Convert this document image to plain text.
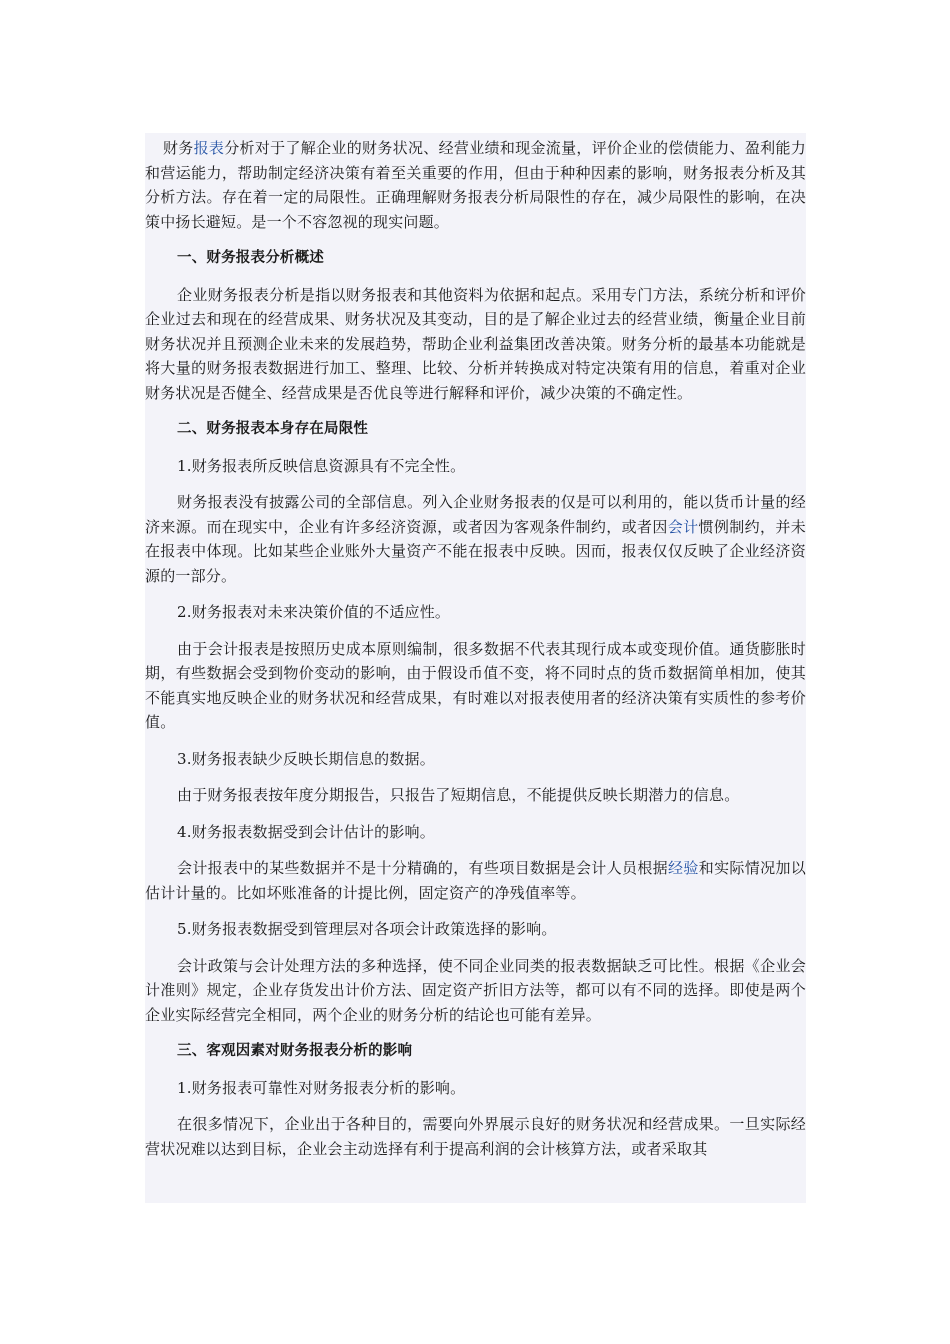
财务报表分析对于了解企业的财务状况、经营业绩和现金流量，评价企业的偿债能力、盈利能力和营运能力，帮助制定经济决策有着至关重要的作用，但由于种种因素的影响，财务报表分析及其分析方法。存在着一定的局限性。正确理解财务报表分析局限性的存在，减少局限性的影响，在决策中扬长避短。是一个不容忽视的现实问题。

一、财务报表分析概述

企业财务报表分析是指以财务报表和其他资料为依据和起点。采用专门方法，系统分析和评价企业过去和现在的经营成果、财务状况及其变动，目的是了解企业过去的经营业绩，衡量企业目前财务状况并且预测企业未来的发展趋势，帮助企业利益集团改善决策。财务分析的最基本功能就是将大量的财务报表数据进行加工、整理、比较、分析并转换成对特定决策有用的信息，着重对企业财务状况是否健全、经营成果是否优良等进行解释和评价，减少决策的不确定性。

二、财务报表本身存在局限性

1.财务报表所反映信息资源具有不完全性。

财务报表没有披露公司的全部信息。列入企业财务报表的仅是可以利用的，能以货币计量的经济来源。而在现实中，企业有许多经济资源，或者因为客观条件制约，或者因会计惯例制约，并未在报表中体现。比如某些企业账外大量资产不能在报表中反映。因而，报表仅仅反映了企业经济资源的一部分。

2.财务报表对未来决策价值的不适应性。

由于会计报表是按照历史成本原则编制，很多数据不代表其现行成本或变现价值。通货膨胀时期，有些数据会受到物价变动的影响，由于假设币值不变，将不同时点的货币数据简单相加，使其不能真实地反映企业的财务状况和经营成果，有时难以对报表使用者的经济决策有实质性的参考价值。

3.财务报表缺少反映长期信息的数据。

由于财务报表按年度分期报告，只报告了短期信息，不能提供反映长期潜力的信息。

4.财务报表数据受到会计估计的影响。

会计报表中的某些数据并不是十分精确的，有些项目数据是会计人员根据经验和实际情况加以估计计量的。比如坏账准备的计提比例，固定资产的净残值率等。

5.财务报表数据受到管理层对各项会计政策选择的影响。

会计政策与会计处理方法的多种选择，使不同企业同类的报表数据缺乏可比性。根据《企业会计准则》规定，企业存货发出计价方法、固定资产折旧方法等，都可以有不同的选择。即使是两个企业实际经营完全相同，两个企业的财务分析的结论也可能有差异。

三、客观因素对财务报表分析的影响

1.财务报表可靠性对财务报表分析的影响。

在很多情况下，企业出于各种目的，需要向外界展示良好的财务状况和经营成果。一旦实际经营状况难以达到目标，企业会主动选择有利于提高利润的会计核算方法，或者采取其
